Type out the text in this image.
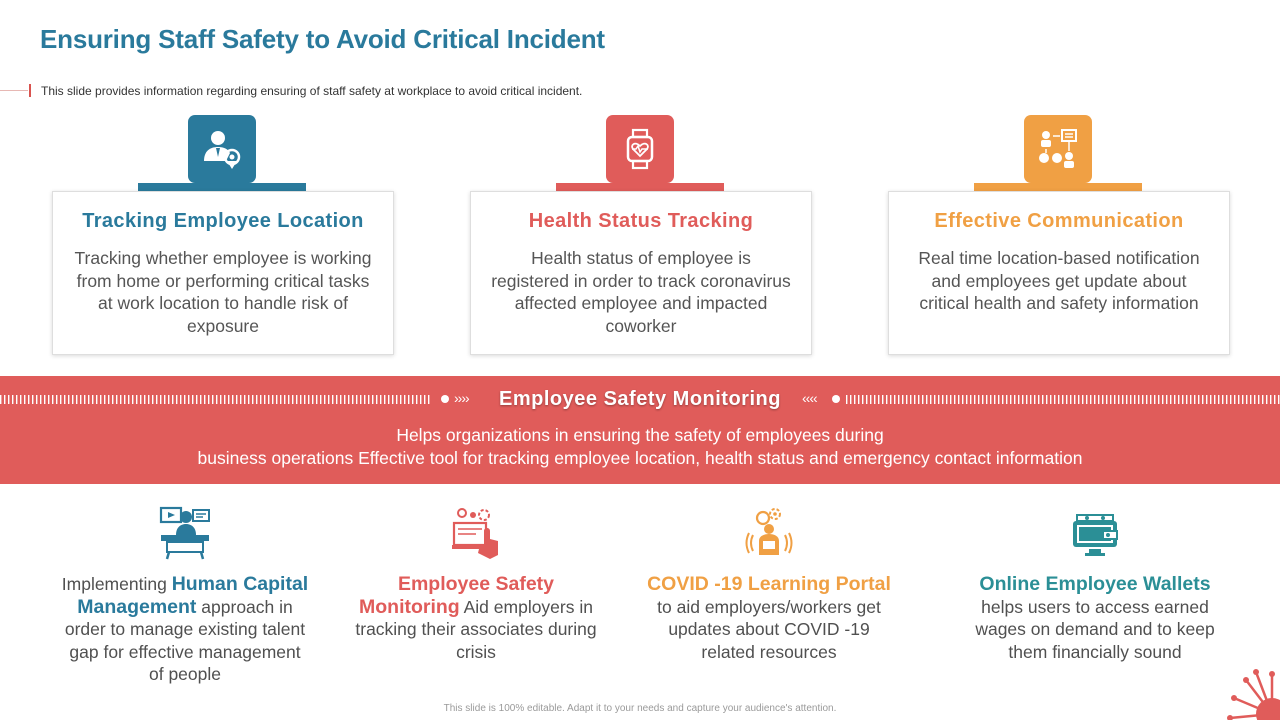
Ensuring Staff Safety to Avoid Critical Incident
This slide provides information regarding ensuring of staff safety at workplace to avoid critical incident.
Tracking Employee Location
Tracking whether employee is working from home or performing critical tasks at work location to handle risk of exposure
Health Status Tracking
Health status of employee is registered in order to track coronavirus affected employee and impacted coworker
Effective Communication
Real time location-based notification and employees get update about critical health and safety information
››››	Employee Safety Monitoring	‹‹‹‹
Helps organizations in ensuring the safety of employees during
business operations Effective tool for tracking employee location, health status and emergency contact information
Implementing Human Capital Management approach in order to manage existing talent gap for effective management of people
Employee Safety Monitoring Aid employers in tracking their associates during crisis
COVID -19 Learning Portal to aid employers/workers get updates about COVID -19 related resources
Online Employee Wallets helps users to access earned wages on demand and to keep them financially sound
This slide is 100% editable. Adapt it to your needs and capture your audience's attention.
